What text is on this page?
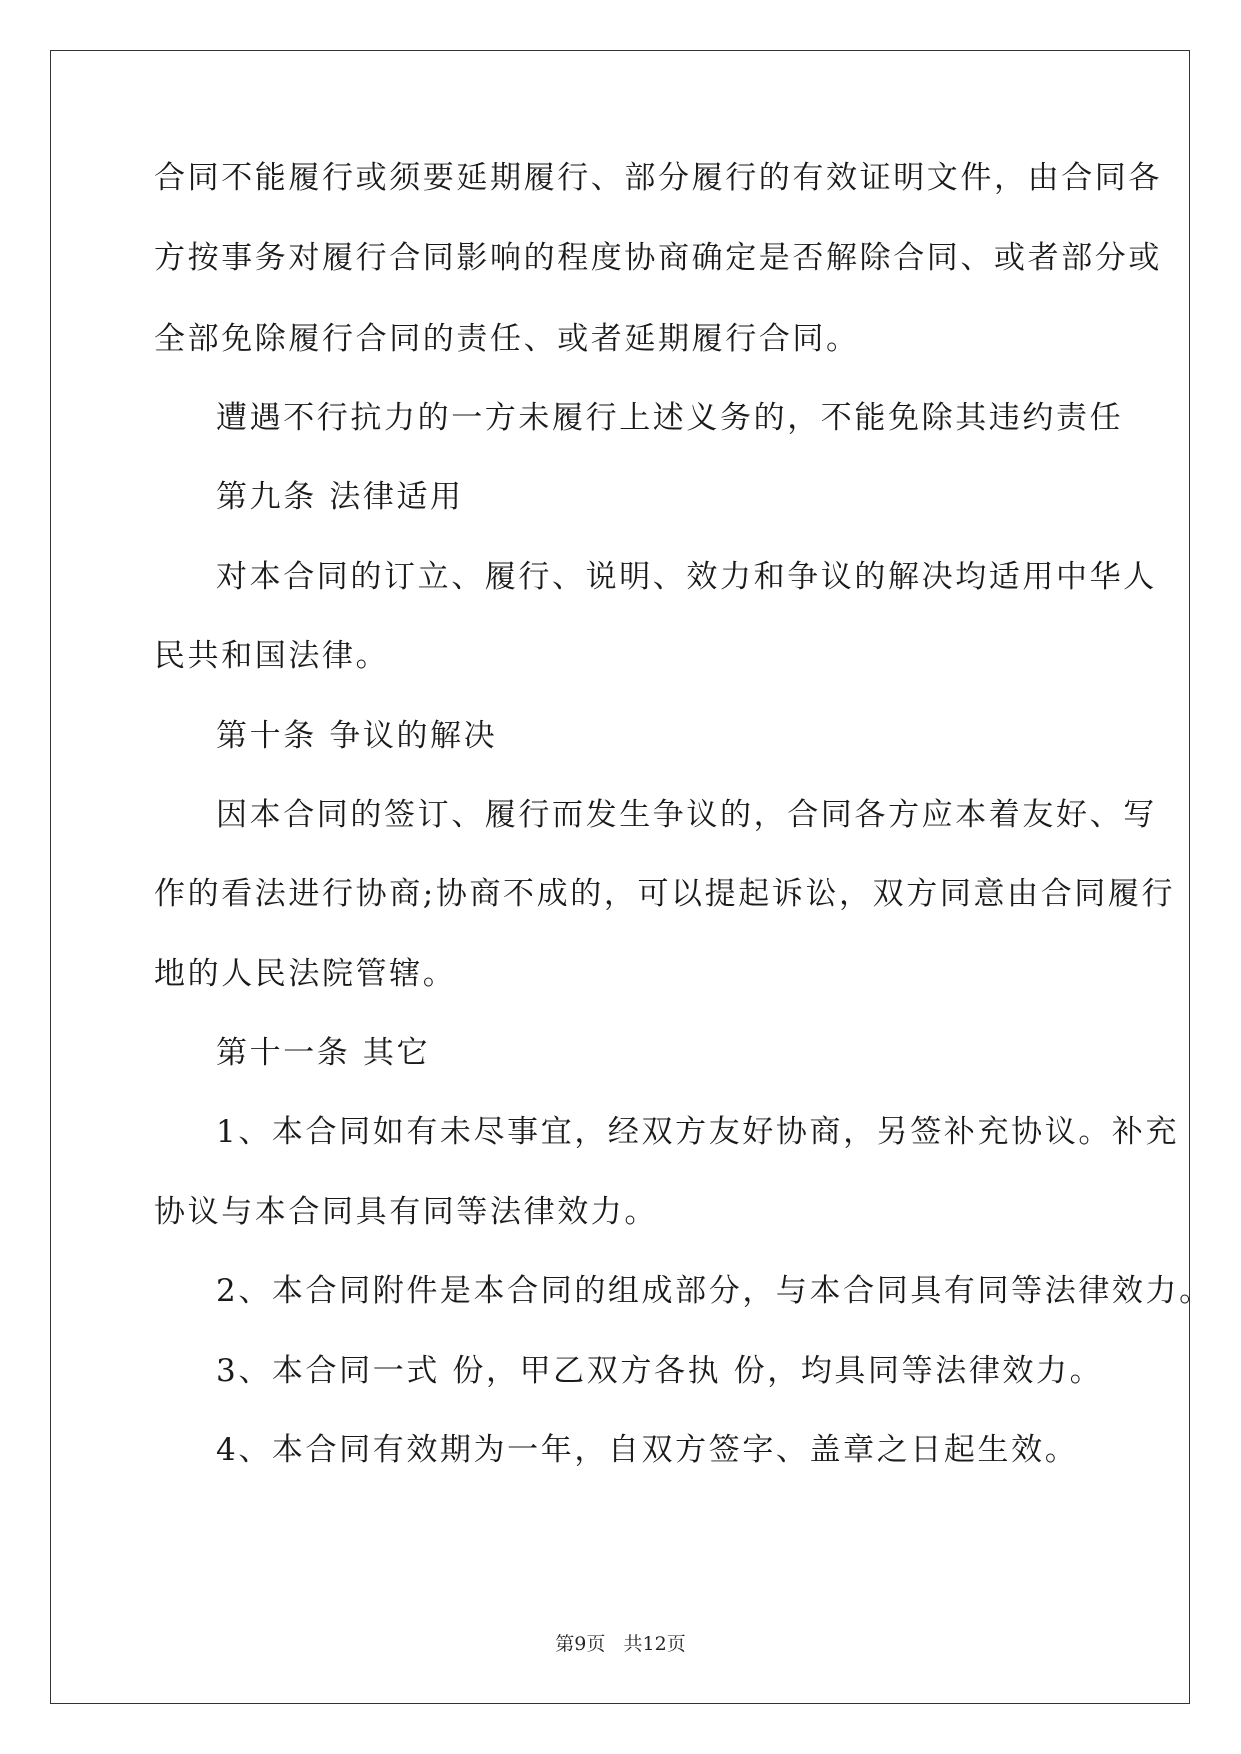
合同不能履行或须要延期履行、部分履行的有效证明文件，由合同各
方按事务对履行合同影响的程度协商确定是否解除合同、或者部分或
全部免除履行合同的责任、或者延期履行合同。
遭遇不行抗力的一方未履行上述义务的，不能免除其违约责任
第九条 法律适用
对本合同的订立、履行、说明、效力和争议的解决均适用中华人
民共和国法律。
第十条 争议的解决
因本合同的签订、履行而发生争议的，合同各方应本着友好、写
作的看法进行协商;协商不成的，可以提起诉讼，双方同意由合同履行
地的人民法院管辖。
第十一条 其它
1、本合同如有未尽事宜，经双方友好协商，另签补充协议。补充
协议与本合同具有同等法律效力。
2、本合同附件是本合同的组成部分，与本合同具有同等法律效力。
3、本合同一式 份，甲乙双方各执 份，均具同等法律效力。
4、本合同有效期为一年，自双方签字、盖章之日起生效。
第9页 共12页
